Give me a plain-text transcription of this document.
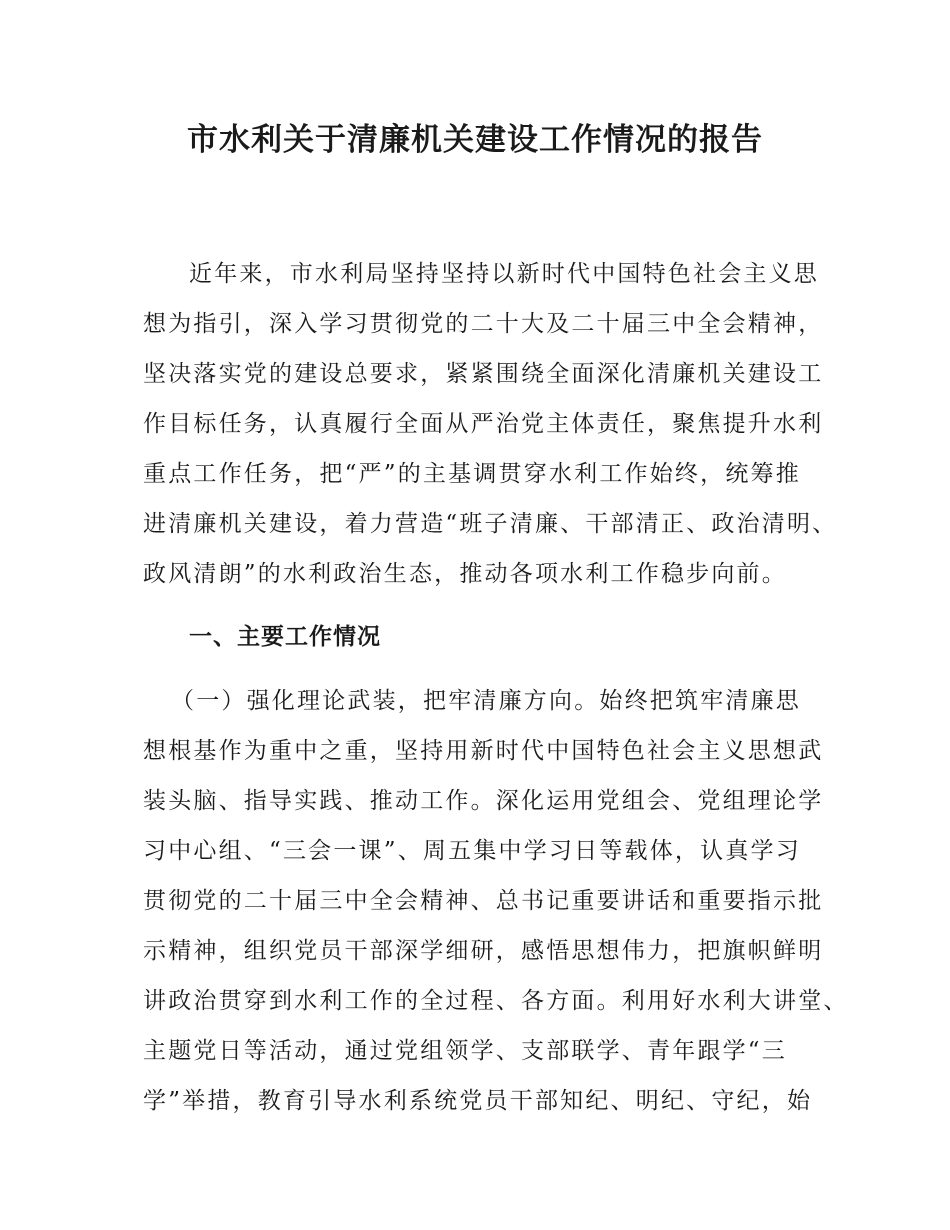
市水利关于清廉机关建设工作情况的报告
近年来，市水利局坚持坚持以新时代中国特色社会主义思
想为指引，深入学习贯彻党的二十大及二十届三中全会精神，
坚决落实党的建设总要求，紧紧围绕全面深化清廉机关建设工
作目标任务，认真履行全面从严治党主体责任，聚焦提升水利
重点工作任务，把“严”的主基调贯穿水利工作始终，统筹推
进清廉机关建设，着力营造“班子清廉、干部清正、政治清明、
政风清朗”的水利政治生态，推动各项水利工作稳步向前。
一、主要工作情况
（一）强化理论武装，把牢清廉方向。始终把筑牢清廉思
想根基作为重中之重，坚持用新时代中国特色社会主义思想武
装头脑、指导实践、推动工作。深化运用党组会、党组理论学
习中心组、“三会一课”、周五集中学习日等载体，认真学习
贯彻党的二十届三中全会精神、总书记重要讲话和重要指示批
示精神，组织党员干部深学细研，感悟思想伟力，把旗帜鲜明
讲政治贯穿到水利工作的全过程、各方面。利用好水利大讲堂、
主题党日等活动，通过党组领学、支部联学、青年跟学“三
学”举措，教育引导水利系统党员干部知纪、明纪、守纪，始
